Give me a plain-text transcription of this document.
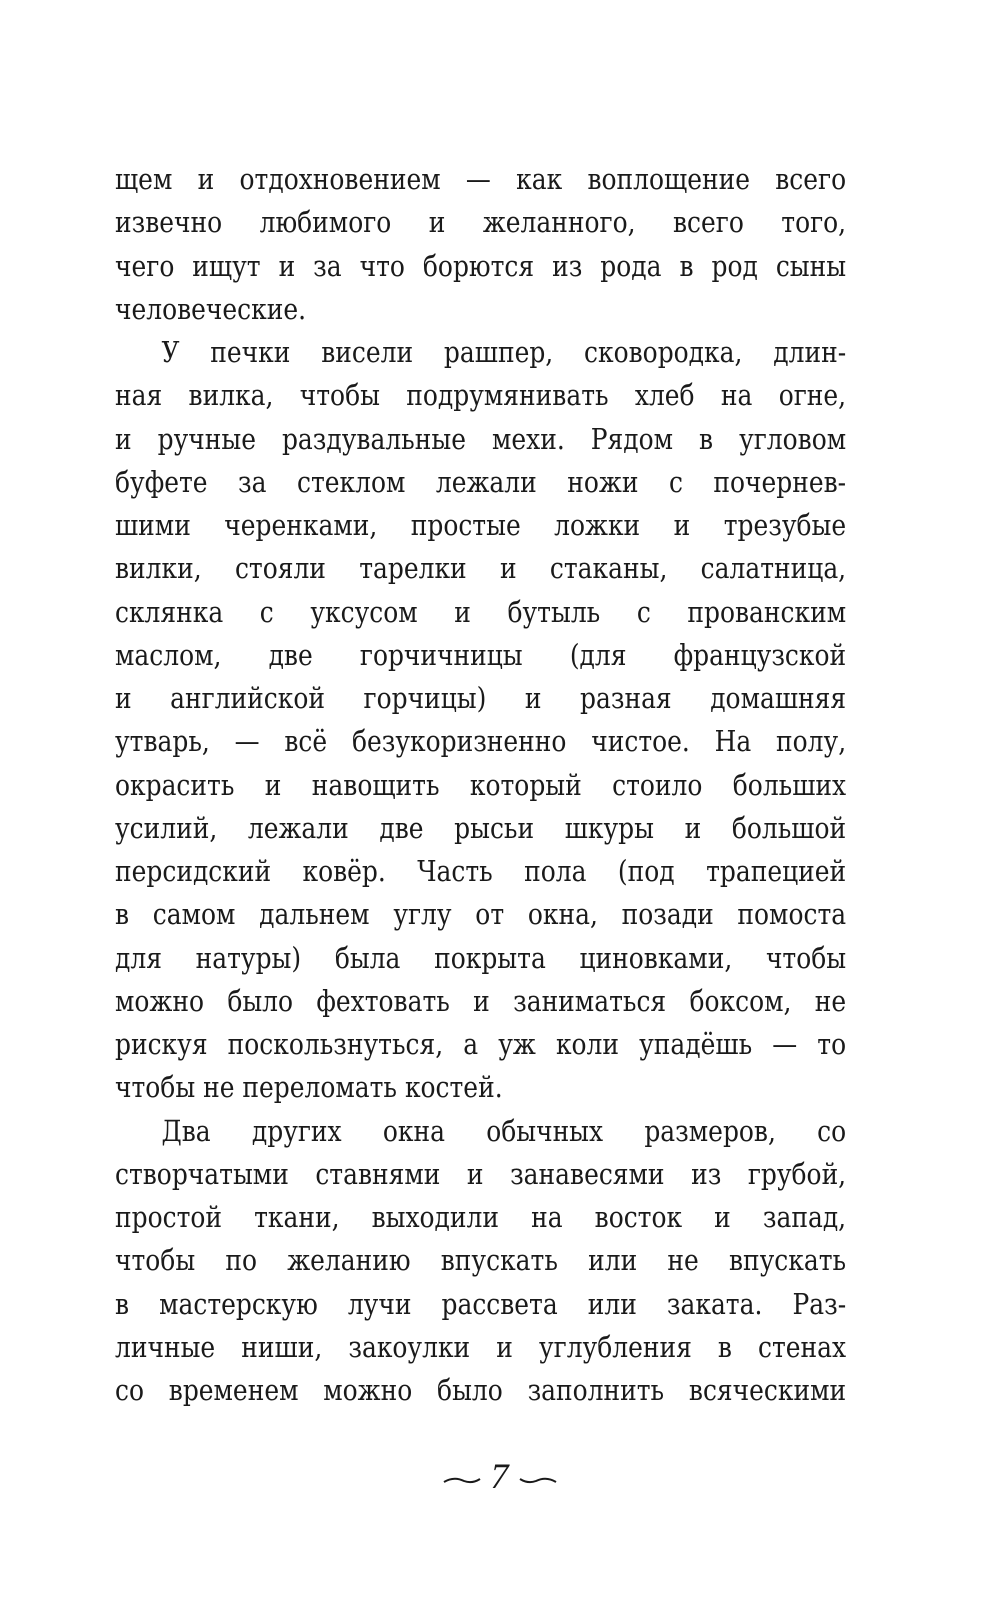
щем и отдохновением — как воплощение всего
извечно любимого и желанного, всего того,
чего ищут и за что борются из рода в род сыны
человеческие.
У печки висели рашпер, сковородка, длин-
ная вилка, чтобы подрумянивать хлеб на огне,
и ручные раздувальные мехи. Рядом в угловом
буфете за стеклом лежали ножи с почернев-
шими черенками, простые ложки и трезубые
вилки, стояли тарелки и стаканы, салатница,
склянка с уксусом и бутыль с прованским
маслом, две горчичницы (для французской
и английской горчицы) и разная домашняя
утварь, — всё безукоризненно чистое. На полу,
окрасить и навощить который стоило больших
усилий, лежали две рысьи шкуры и большой
персидский ковёр. Часть пола (под трапецией
в самом дальнем углу от окна, позади помоста
для натуры) была покрыта циновками, чтобы
можно было фехтовать и заниматься боксом, не
рискуя поскользнуться, а уж коли упадёшь — то
чтобы не переломать костей.
Два других окна обычных размеров, со
створчатыми ставнями и занавесями из грубой,
простой ткани, выходили на восток и запад,
чтобы по желанию впускать или не впускать
в мастерскую лучи рассвета или заката. Раз-
личные ниши, закоулки и углубления в стенах
со временем можно было заполнить всяческими
7
